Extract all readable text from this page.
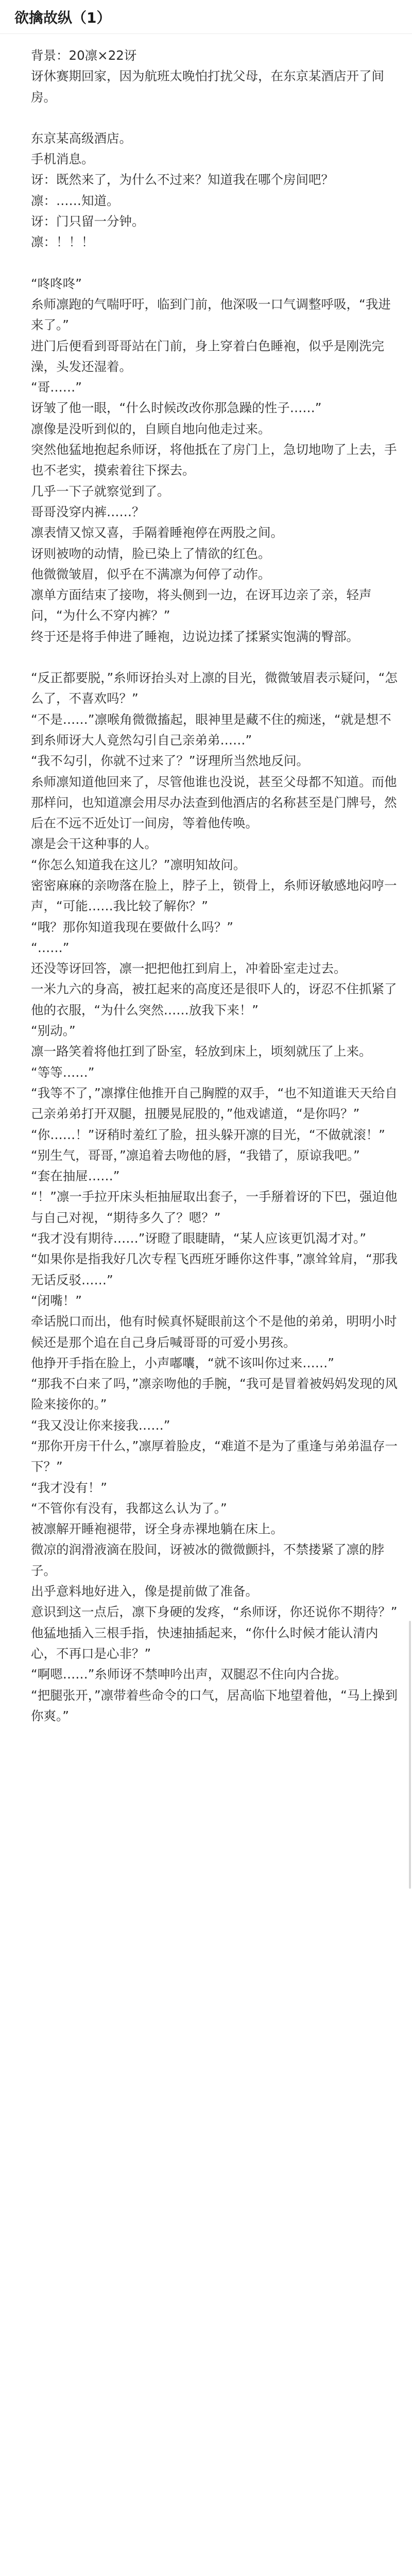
欲擒故纵（1）

背景：20凛×22讶

讶休赛期回家，因为航班太晚怕打扰父母，在东京某酒店开了间房。

东京某高级酒店。

手机消息。

讶：既然来了，为什么不过来？知道我在哪个房间吧？

凛：……知道。

讶：门只留一分钟。

凛：！！！

“咚咚咚”

糸师凛跑的气喘吁吁，临到门前，他深吸一口气调整呼吸，“我进来了。”

进门后便看到哥哥站在门前，身上穿着白色睡袍，似乎是刚洗完澡，头发还湿着。

“哥……”

讶皱了他一眼，“什么时候改改你那急躁的性子……”

凛像是没听到似的，自顾自地向他走过来。

突然他猛地抱起糸师讶，将他抵在了房门上，急切地吻了上去，手也不老实，摸索着往下探去。

几乎一下子就察觉到了。

哥哥没穿内裤……？

凛表情又惊又喜，手隔着睡袍停在两股之间。

讶则被吻的动情，脸已染上了情欲的红色。

他微微皱眉，似乎在不满凛为何停了动作。

凛单方面结束了接吻，将头侧到一边，在讶耳边亲了亲，轻声问，“为什么不穿内裤？”

终于还是将手伸进了睡袍，边说边揉了揉紧实饱满的臀部。

“反正都要脱，”糸师讶抬头对上凛的目光，微微皱眉表示疑问，“怎么了，不喜欢吗？”

“不是……”凛喉角微微搐起，眼神里是藏不住的痴迷，“就是想不到糸师讶大人竟然勾引自己亲弟弟……”

“我不勾引，你就不过来了？”讶理所当然地反问。

糸师凛知道他回来了，尽管他谁也没说，甚至父母都不知道。而他那样问，也知道凛会用尽办法查到他酒店的名称甚至是门牌号，然后在不远不近处订一间房，等着他传唤。

凛是会干这种事的人。

“你怎么知道我在这儿？”凛明知故问。

密密麻麻的亲吻落在脸上，脖子上，锁骨上，糸师讶敏感地闷哼一声，“可能……我比较了解你？”

“哦？那你知道我现在要做什么吗？”

“……”

还没等讶回答，凛一把把他扛到肩上，冲着卧室走过去。

一米九六的身高，被扛起来的高度还是很吓人的，讶忍不住抓紧了他的衣服，“为什么突然……放我下来！”

“别动。”

凛一路笑着将他扛到了卧室，轻放到床上，顷刻就压了上来。

“等等……”

“我等不了，”凛撑住他推开自己胸膛的双手，“也不知道谁天天给自己亲弟弟打开双腿，扭腰晃屁股的，”他戏谑道，“是你吗？”

“你……！”讶稍时羞红了脸，扭头躲开凛的目光，“不做就滚！”

“别生气，哥哥，”凛追着去吻他的唇，“我错了，原谅我吧。”

“套在抽屉……”

“！”凛一手拉开床头柜抽屉取出套子，一手掰着讶的下巴，强迫他与自己对视，“期待多久了？嗯？”

“我才没有期待……”讶瞪了眼睫睛，“某人应该更饥渴才对。”

“如果你是指我好几次专程飞西班牙睡你这件事，”凛耸耸肩，“那我无话反驳……”

“闭嘴！”

牵话脱口而出，他有时候真怀疑眼前这个不是他的弟弟，明明小时候还是那个追在自己身后喊哥哥的可爱小男孩。

他挣开手指在脸上，小声嘟囔，“就不该叫你过来……”

“那我不白来了吗，”凛亲吻他的手腕，“我可是冒着被妈妈发现的风险来接你的。”

“我又没让你来接我……”

“那你开房干什么，”凛厚着脸皮，“难道不是为了重逢与弟弟温存一下？”

“我才没有！”

“不管你有没有，我都这么认为了。”

被凛解开睡袍褪带，讶全身赤裸地躺在床上。

微凉的润滑液滴在股间，讶被冰的微微颤抖，不禁搂紧了凛的脖子。

出乎意料地好进入，像是提前做了准备。

意识到这一点后，凛下身硬的发疼，“糸师讶，你还说你不期待？”

他猛地插入三根手指，快速抽插起来，“你什么时候才能认清内心，不再口是心非？”

“啊嗯……”糸师讶不禁呻吟出声，双腿忍不住向内合拢。

“把腿张开，”凛带着些命令的口气，居高临下地望着他，“马上操到你爽。”
